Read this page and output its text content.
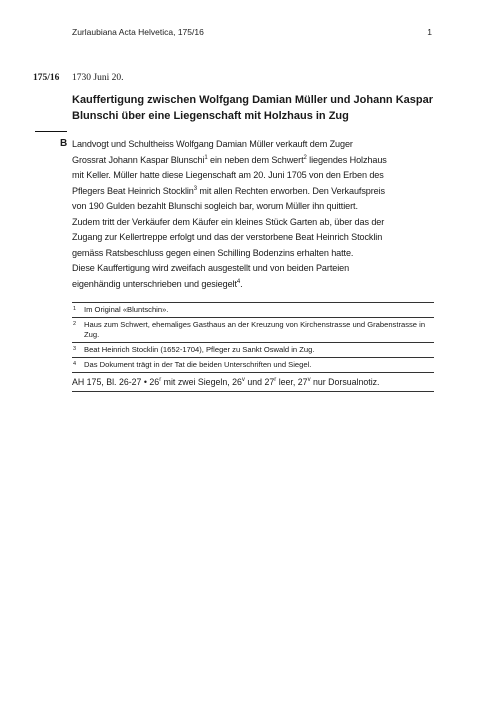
Zurlaubiana Acta Helvetica, 175/16	1
175/16 1730 Juni 20.
Kauffertigung zwischen Wolfgang Damian Müller und Johann Kaspar Blunschi über eine Liegenschaft mit Holzhaus in Zug
B Landvogt und Schultheiss Wolfgang Damian Müller verkauft dem Zuger
Grossrat Johann Kaspar Blunschi$^1$ ein neben dem Schwert$^2$ liegendes Holzhaus
mit Keller. Müller hatte diese Liegenschaft am 20. Juni 1705 von den Erben des
Pflegers Beat Heinrich Stocklin$^3$ mit allen Rechten erworben. Den Verkaufspreis
von 190 Gulden bezahlt Blunschi sogleich bar, worum Müller ihn quittiert.
Zudem tritt der Verkäufer dem Käufer ein kleines Stück Garten ab, über das der
Zugang zur Kellertreppe erfolgt und das der verstorbene Beat Heinrich Stocklin
gemäss Ratsbeschluss gegen einen Schilling Bodenzins erhalten hatte.
Diese Kauffertigung wird zweifach ausgestellt und von beiden Parteien
eigenhändig unterschrieben und gesiegelt$^4$.
1 Im Original «Bluntschin».
2 Haus zum Schwert, ehemaliges Gasthaus an der Kreuzung von Kirchenstrasse und Grabenstrasse in Zug.
3 Beat Heinrich Stocklin (1652-1704), Pfleger zu Sankt Oswald in Zug.
4 Das Dokument trägt in der Tat die beiden Unterschriften und Siegel.
AH 175, Bl. 26-27 • 26$^r$ mit zwei Siegeln, 26$^v$ und 27$^r$ leer, 27$^v$ nur Dorsualnotiz.
